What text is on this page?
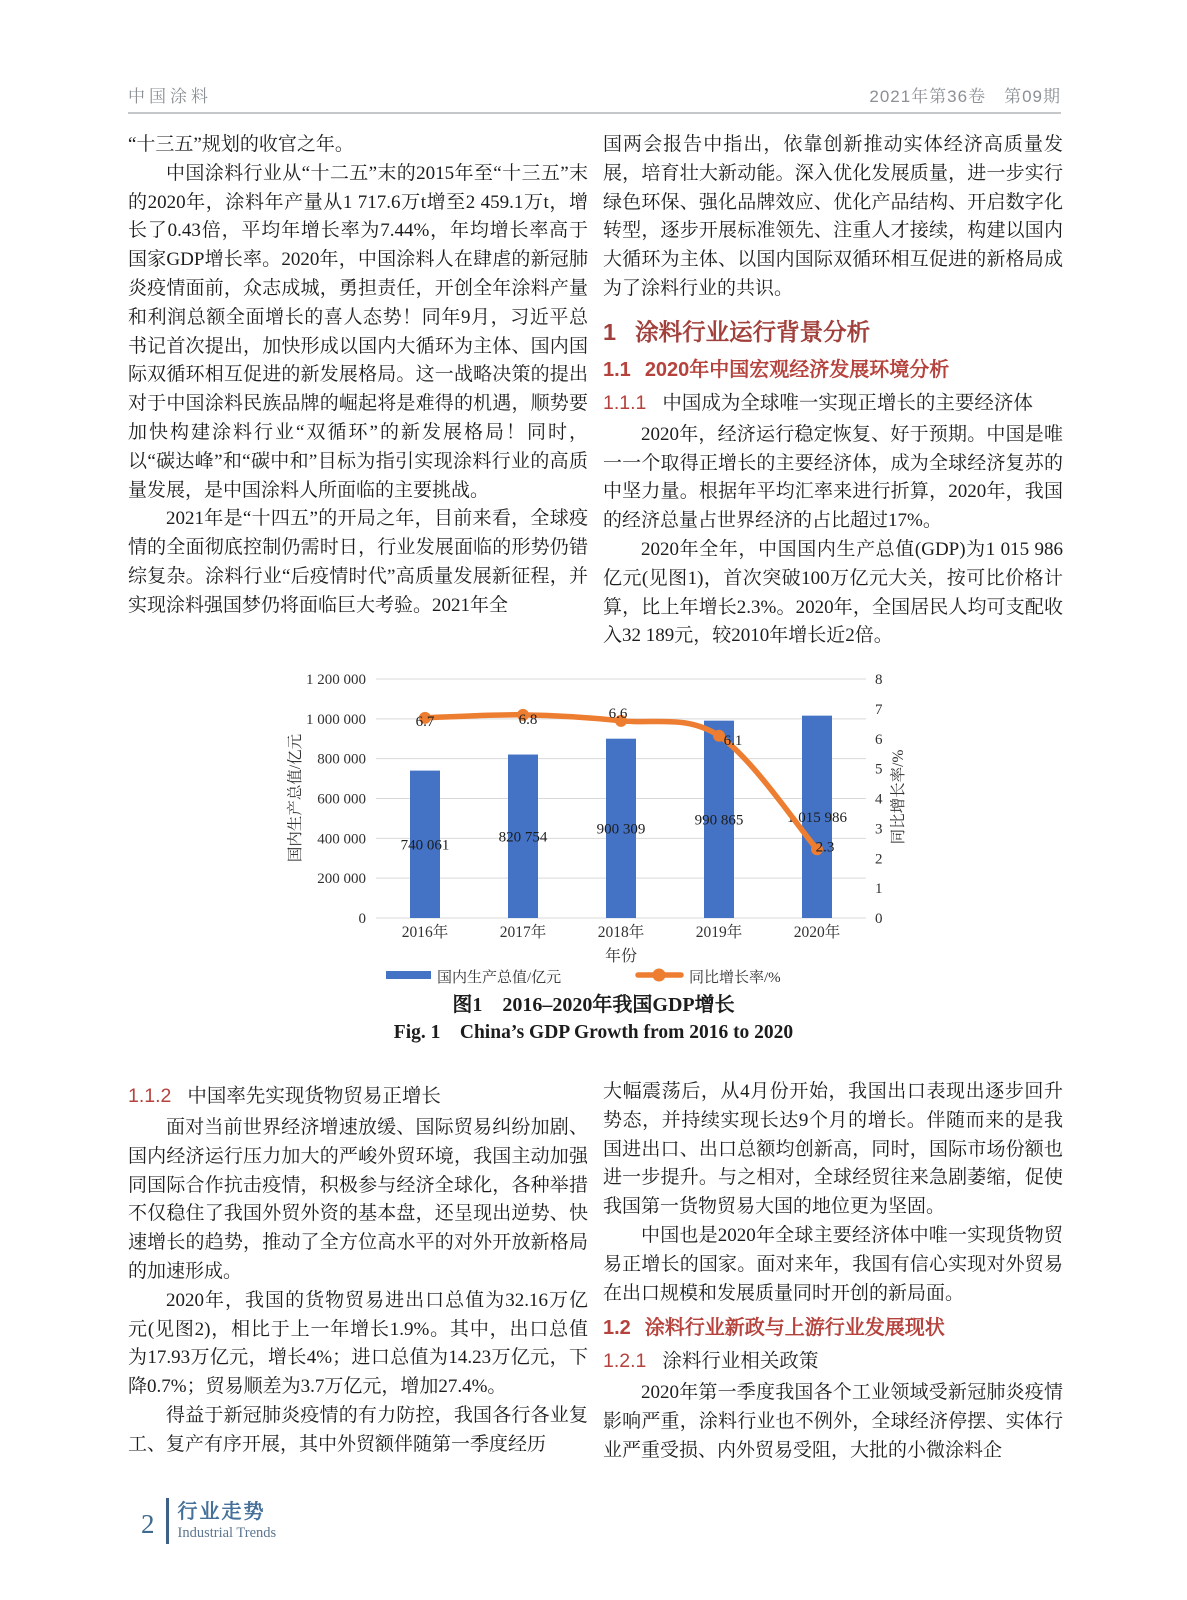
中国涂料	2021年第36卷　第09期

“十三五”规划的收官之年。

中国涂料行业从“十二五”末的2015年至“十三五”末的2020年，涂料年产量从1 717.6万t增至2 459.1万t，增长了0.43倍，平均年增长率为7.44%，年均增长率高于国家GDP增长率。2020年，中国涂料人在肆虐的新冠肺炎疫情面前，众志成城，勇担责任，开创全年涂料产量和利润总额全面增长的喜人态势！同年9月，习近平总书记首次提出，加快形成以国内大循环为主体、国内国际双循环相互促进的新发展格局。这一战略决策的提出对于中国涂料民族品牌的崛起将是难得的机遇，顺势要加快构建涂料行业“双循环”的新发展格局！同时，以“碳达峰”和“碳中和”目标为指引实现涂料行业的高质量发展，是中国涂料人所面临的主要挑战。

2021年是“十四五”的开局之年，目前来看，全球疫情的全面彻底控制仍需时日，行业发展面临的形势仍错综复杂。涂料行业“后疫情时代”高质量发展新征程，并实现涂料强国梦仍将面临巨大考验。2021年全

国两会报告中指出，依靠创新推动实体经济高质量发展，培育壮大新动能。深入优化发展质量，进一步实行绿色环保、强化品牌效应、优化产品结构、开启数字化转型，逐步开展标准领先、注重人才接续，构建以国内大循环为主体、以国内国际双循环相互促进的新格局成为了涂料行业的共识。

1 涂料行业运行背景分析
1.1 2020年中国宏观经济发展环境分析
1.1.1 中国成为全球唯一实现正增长的主要经济体

2020年，经济运行稳定恢复、好于预期。中国是唯一一个取得正增长的主要经济体，成为全球经济复苏的中坚力量。根据年平均汇率来进行折算，2020年，我国的经济总量占世界经济的占比超过17%。

2020年全年，中国国内生产总值(GDP)为1 015 986亿元(见图1)，首次突破100万亿元大关，按可比价格计算，比上年增长2.3%。2020年，全国居民人均可支配收入32 189元，较2010年增长近2倍。

1 200 000
1 000 000
800 000
600 000
400 000
200 000
0
8
7
6
5
4
3
2
1
0
国内生产总值/亿元	同比增长率/%
740 061
820 754	900 309
990 865	1 015 986
6.7	6.8	6.6
6.1
2.3
2016年	2017年	2018年	2019年	2020年
年份
国内生产总值/亿元	同比增长率/%
图1　2016–2020年我国GDP增长
Fig. 1　China’s GDP Growth from 2016 to 2020
1.1.2 中国率先实现货物贸易正增长

面对当前世界经济增速放缓、国际贸易纠纷加剧、国内经济运行压力加大的严峻外贸环境，我国主动加强同国际合作抗击疫情，积极参与经济全球化，各种举措不仅稳住了我国外贸外资的基本盘，还呈现出逆势、快速增长的趋势，推动了全方位高水平的对外开放新格局的加速形成。

2020年，我国的货物贸易进出口总值为32.16万亿元(见图2)，相比于上一年增长1.9%。其中，出口总值为17.93万亿元，增长4%；进口总值为14.23万亿元，下降0.7%；贸易顺差为3.7万亿元，增加27.4%。

得益于新冠肺炎疫情的有力防控，我国各行各业复工、复产有序开展，其中外贸额伴随第一季度经历

大幅震荡后，从4月份开始，我国出口表现出逐步回升势态，并持续实现长达9个月的增长。伴随而来的是我国进出口、出口总额均创新高，同时，国际市场份额也进一步提升。与之相对，全球经贸往来急剧萎缩，促使我国第一货物贸易大国的地位更为坚固。

中国也是2020年全球主要经济体中唯一实现货物贸易正增长的国家。面对来年，我国有信心实现对外贸易在出口规模和发展质量同时开创的新局面。

1.2 涂料行业新政与上游行业发展现状
1.2.1 涂料行业相关政策

2020年第一季度我国各个工业领域受新冠肺炎疫情影响严重，涂料行业也不例外，全球经济停摆、实体行业严重受损、内外贸易受阻，大批的小微涂料企

2 行业走势
Industrial Trends
